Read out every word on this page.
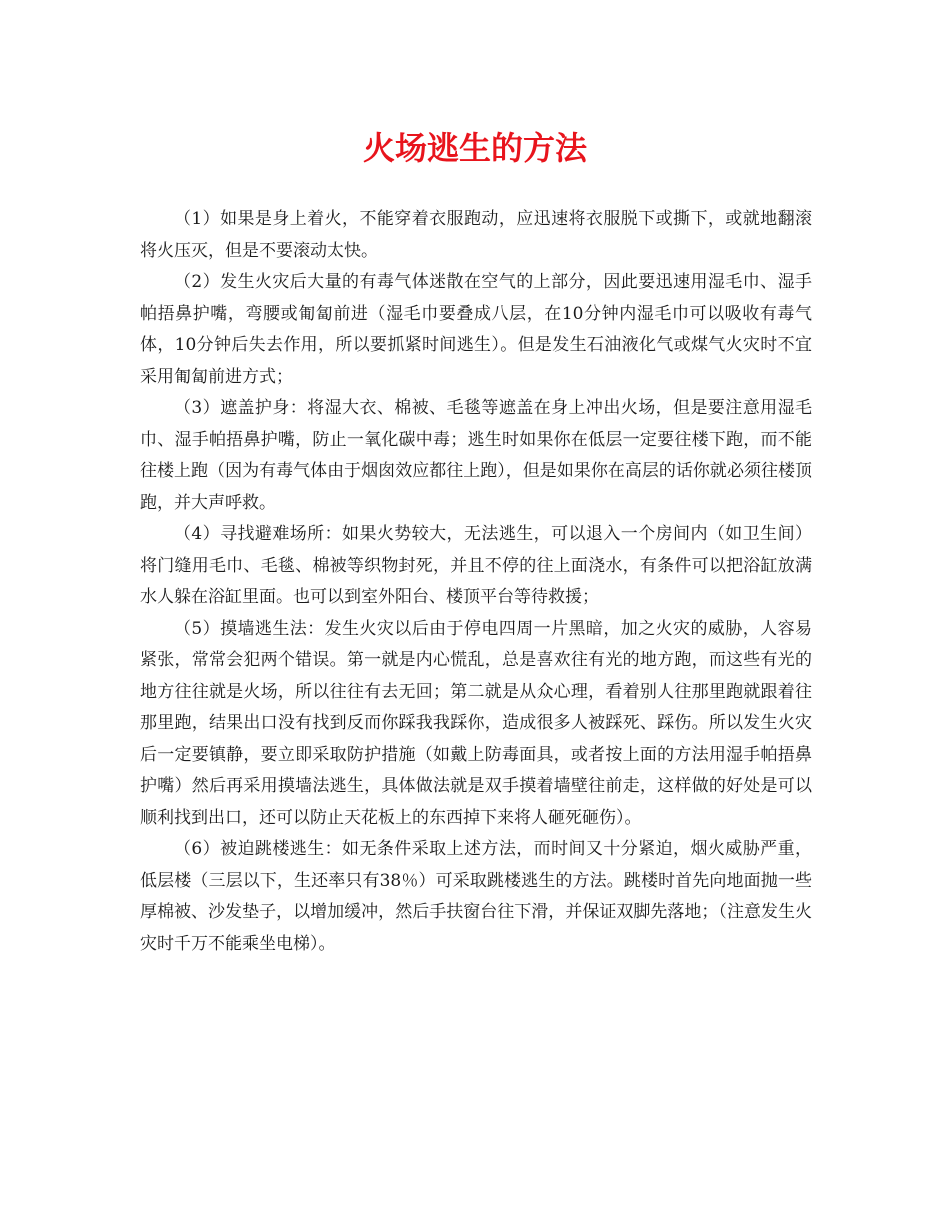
火场逃生的方法

（1）如果是身上着火，不能穿着衣服跑动，应迅速将衣服脱下或撕下，或就地翻滚将火压灭，但是不要滚动太快。

（2）发生火灾后大量的有毒气体迷散在空气的上部分，因此要迅速用湿毛巾、湿手帕捂鼻护嘴，弯腰或匍匐前进（湿毛巾要叠成八层，在10分钟内湿毛巾可以吸收有毒气体，10分钟后失去作用，所以要抓紧时间逃生）。但是发生石油液化气或煤气火灾时不宜采用匍匐前进方式；

（3）遮盖护身：将湿大衣、棉被、毛毯等遮盖在身上冲出火场，但是要注意用湿毛巾、湿手帕捂鼻护嘴，防止一氧化碳中毒；逃生时如果你在低层一定要往楼下跑，而不能往楼上跑（因为有毒气体由于烟囱效应都往上跑），但是如果你在高层的话你就必须往楼顶跑，并大声呼救。

（4）寻找避难场所：如果火势较大，无法逃生，可以退入一个房间内（如卫生间）将门缝用毛巾、毛毯、棉被等织物封死，并且不停的往上面浇水，有条件可以把浴缸放满水人躲在浴缸里面。也可以到室外阳台、楼顶平台等待救援；

（5）摸墙逃生法：发生火灾以后由于停电四周一片黑暗，加之火灾的威胁，人容易紧张，常常会犯两个错误。第一就是内心慌乱，总是喜欢往有光的地方跑，而这些有光的地方往往就是火场，所以往往有去无回；第二就是从众心理，看着别人往那里跑就跟着往那里跑，结果出口没有找到反而你踩我我踩你，造成很多人被踩死、踩伤。所以发生火灾后一定要镇静，要立即采取防护措施（如戴上防毒面具，或者按上面的方法用湿手帕捂鼻护嘴）然后再采用摸墙法逃生，具体做法就是双手摸着墙壁往前走，这样做的好处是可以顺利找到出口，还可以防止天花板上的东西掉下来将人砸死砸伤）。

（6）被迫跳楼逃生：如无条件采取上述方法，而时间又十分紧迫，烟火威胁严重，低层楼（三层以下，生还率只有38％）可采取跳楼逃生的方法。跳楼时首先向地面抛一些厚棉被、沙发垫子，以增加缓冲，然后手扶窗台往下滑，并保证双脚先落地；（注意发生火灾时千万不能乘坐电梯）。
